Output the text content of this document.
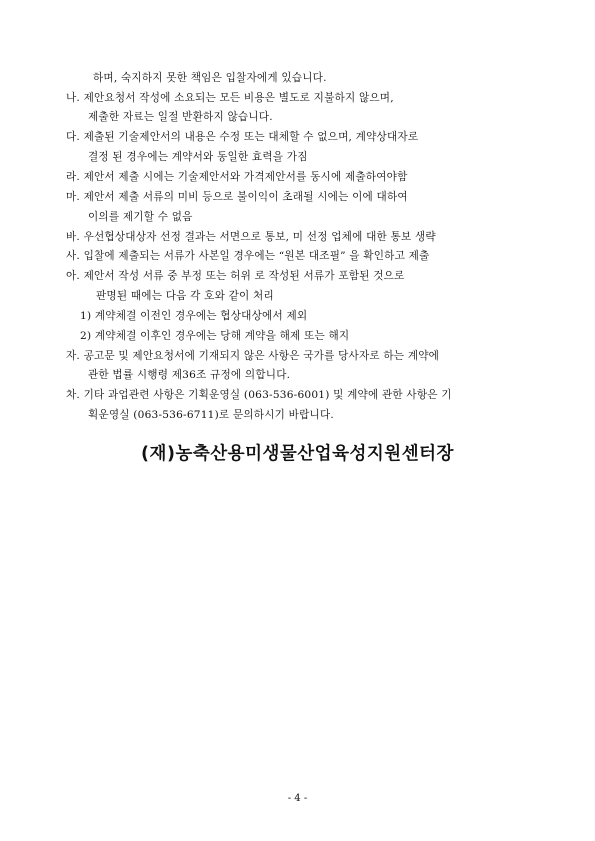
하며, 숙지하지 못한 책임은 입찰자에게 있습니다.
나. 제안요청서 작성에 소요되는 모든 비용은 별도로 지불하지 않으며,
제출한 자료는 일절 반환하지 않습니다.
다. 제출된 기술제안서의 내용은 수정 또는 대체할 수 없으며, 계약상대자로
결정 된 경우에는 계약서와 동일한 효력을 가짐
라. 제안서 제출 시에는 기술제안서와 가격제안서를 동시에 제출하여야함
마. 제안서 제출 서류의 미비 등으로 불이익이 초래될 시에는 이에 대하여
이의를 제기할 수 없음
바. 우선협상대상자 선정 결과는 서면으로 통보, 미 선정 업체에 대한 통보 생략
사. 입찰에 제출되는 서류가 사본일 경우에는 “원본 대조필” 을 확인하고 제출
아. 제안서 작성 서류 중 부정 또는 허위 로 작성된 서류가 포함된 것으로
판명된 때에는 다음 각 호와 같이 처리
1) 계약체결 이전인 경우에는 협상대상에서 제외
2) 계약체결 이후인 경우에는 당해 계약을 해제 또는 해지
자. 공고문 및 제안요청서에 기재되지 않은 사항은 국가를 당사자로 하는 계약에
관한 법률 시행령 제36조 규정에 의합니다.
차. 기타 과업관련 사항은 기획운영실 (063-536-6001) 및 계약에 관한 사항은 기
획운영실 (063-536-6711)로 문의하시기 바랍니다.
(재)농축산용미생물산업육성지원센터장
- 4 -
